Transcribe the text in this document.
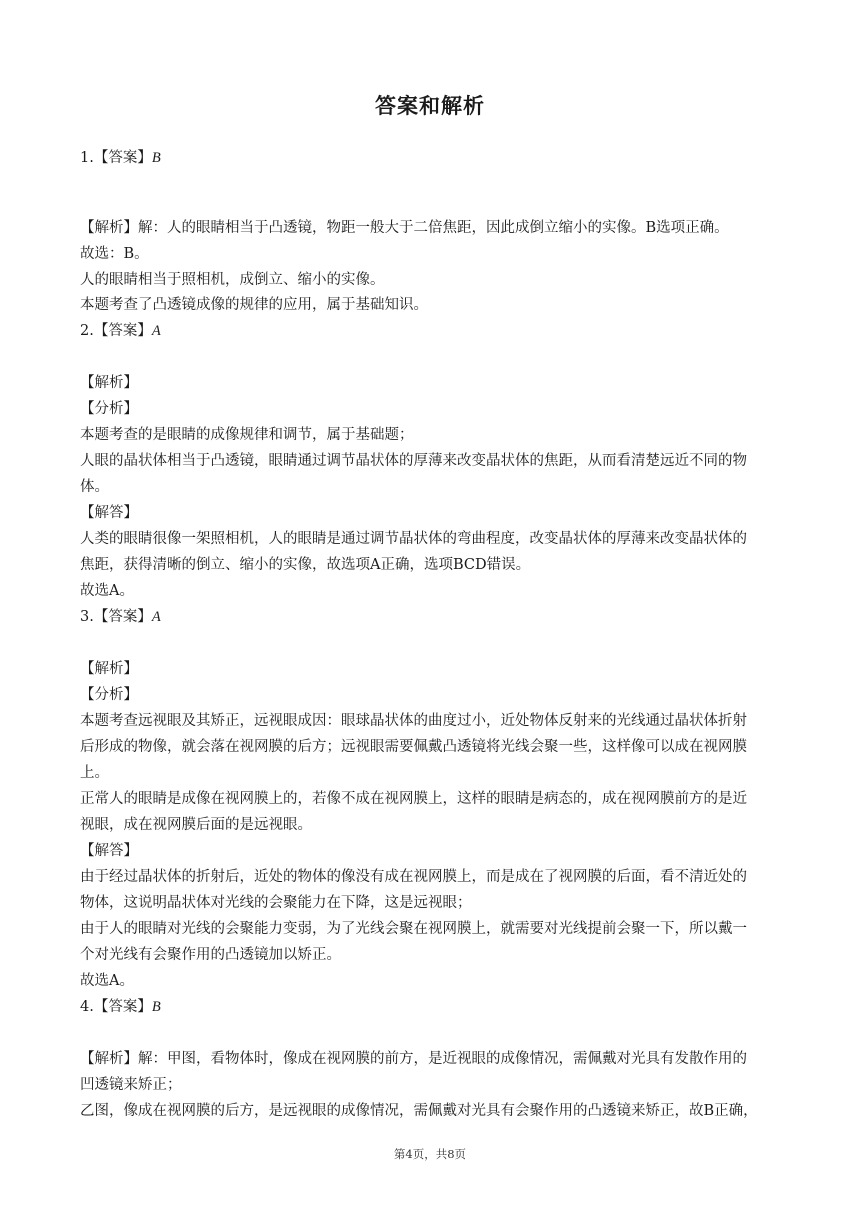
答案和解析
1.【答案】B
【解析】解：人的眼睛相当于凸透镜，物距一般大于二倍焦距，因此成倒立缩小的实像。B选项正确。
故选：B。
人的眼睛相当于照相机，成倒立、缩小的实像。
本题考查了凸透镜成像的规律的应用，属于基础知识。
2.【答案】A
【解析】
【分析】
本题考查的是眼睛的成像规律和调节，属于基础题；
人眼的晶状体相当于凸透镜，眼睛通过调节晶状体的厚薄来改变晶状体的焦距，从而看清楚远近不同的物
体。
【解答】
人类的眼睛很像一架照相机，人的眼睛是通过调节晶状体的弯曲程度，改变晶状体的厚薄来改变晶状体的
焦距，获得清晰的倒立、缩小的实像，故选项A正确，选项BCD错误。
故选A。
3.【答案】A
【解析】
【分析】
本题考查远视眼及其矫正，远视眼成因：眼球晶状体的曲度过小，近处物体反射来的光线通过晶状体折射
后形成的物像，就会落在视网膜的后方；远视眼需要佩戴凸透镜将光线会聚一些，这样像可以成在视网膜
上。
正常人的眼睛是成像在视网膜上的，若像不成在视网膜上，这样的眼睛是病态的，成在视网膜前方的是近
视眼，成在视网膜后面的是远视眼。
【解答】
由于经过晶状体的折射后，近处的物体的像没有成在视网膜上，而是成在了视网膜的后面，看不清近处的
物体，这说明晶状体对光线的会聚能力在下降，这是远视眼；
由于人的眼睛对光线的会聚能力变弱，为了光线会聚在视网膜上，就需要对光线提前会聚一下，所以戴一
个对光线有会聚作用的凸透镜加以矫正。
故选A。
4.【答案】B
【解析】解：甲图，看物体时，像成在视网膜的前方，是近视眼的成像情况，需佩戴对光具有发散作用的
凹透镜来矫正；
乙图，像成在视网膜的后方，是远视眼的成像情况，需佩戴对光具有会聚作用的凸透镜来矫正，故B正确，
第4页，共8页
